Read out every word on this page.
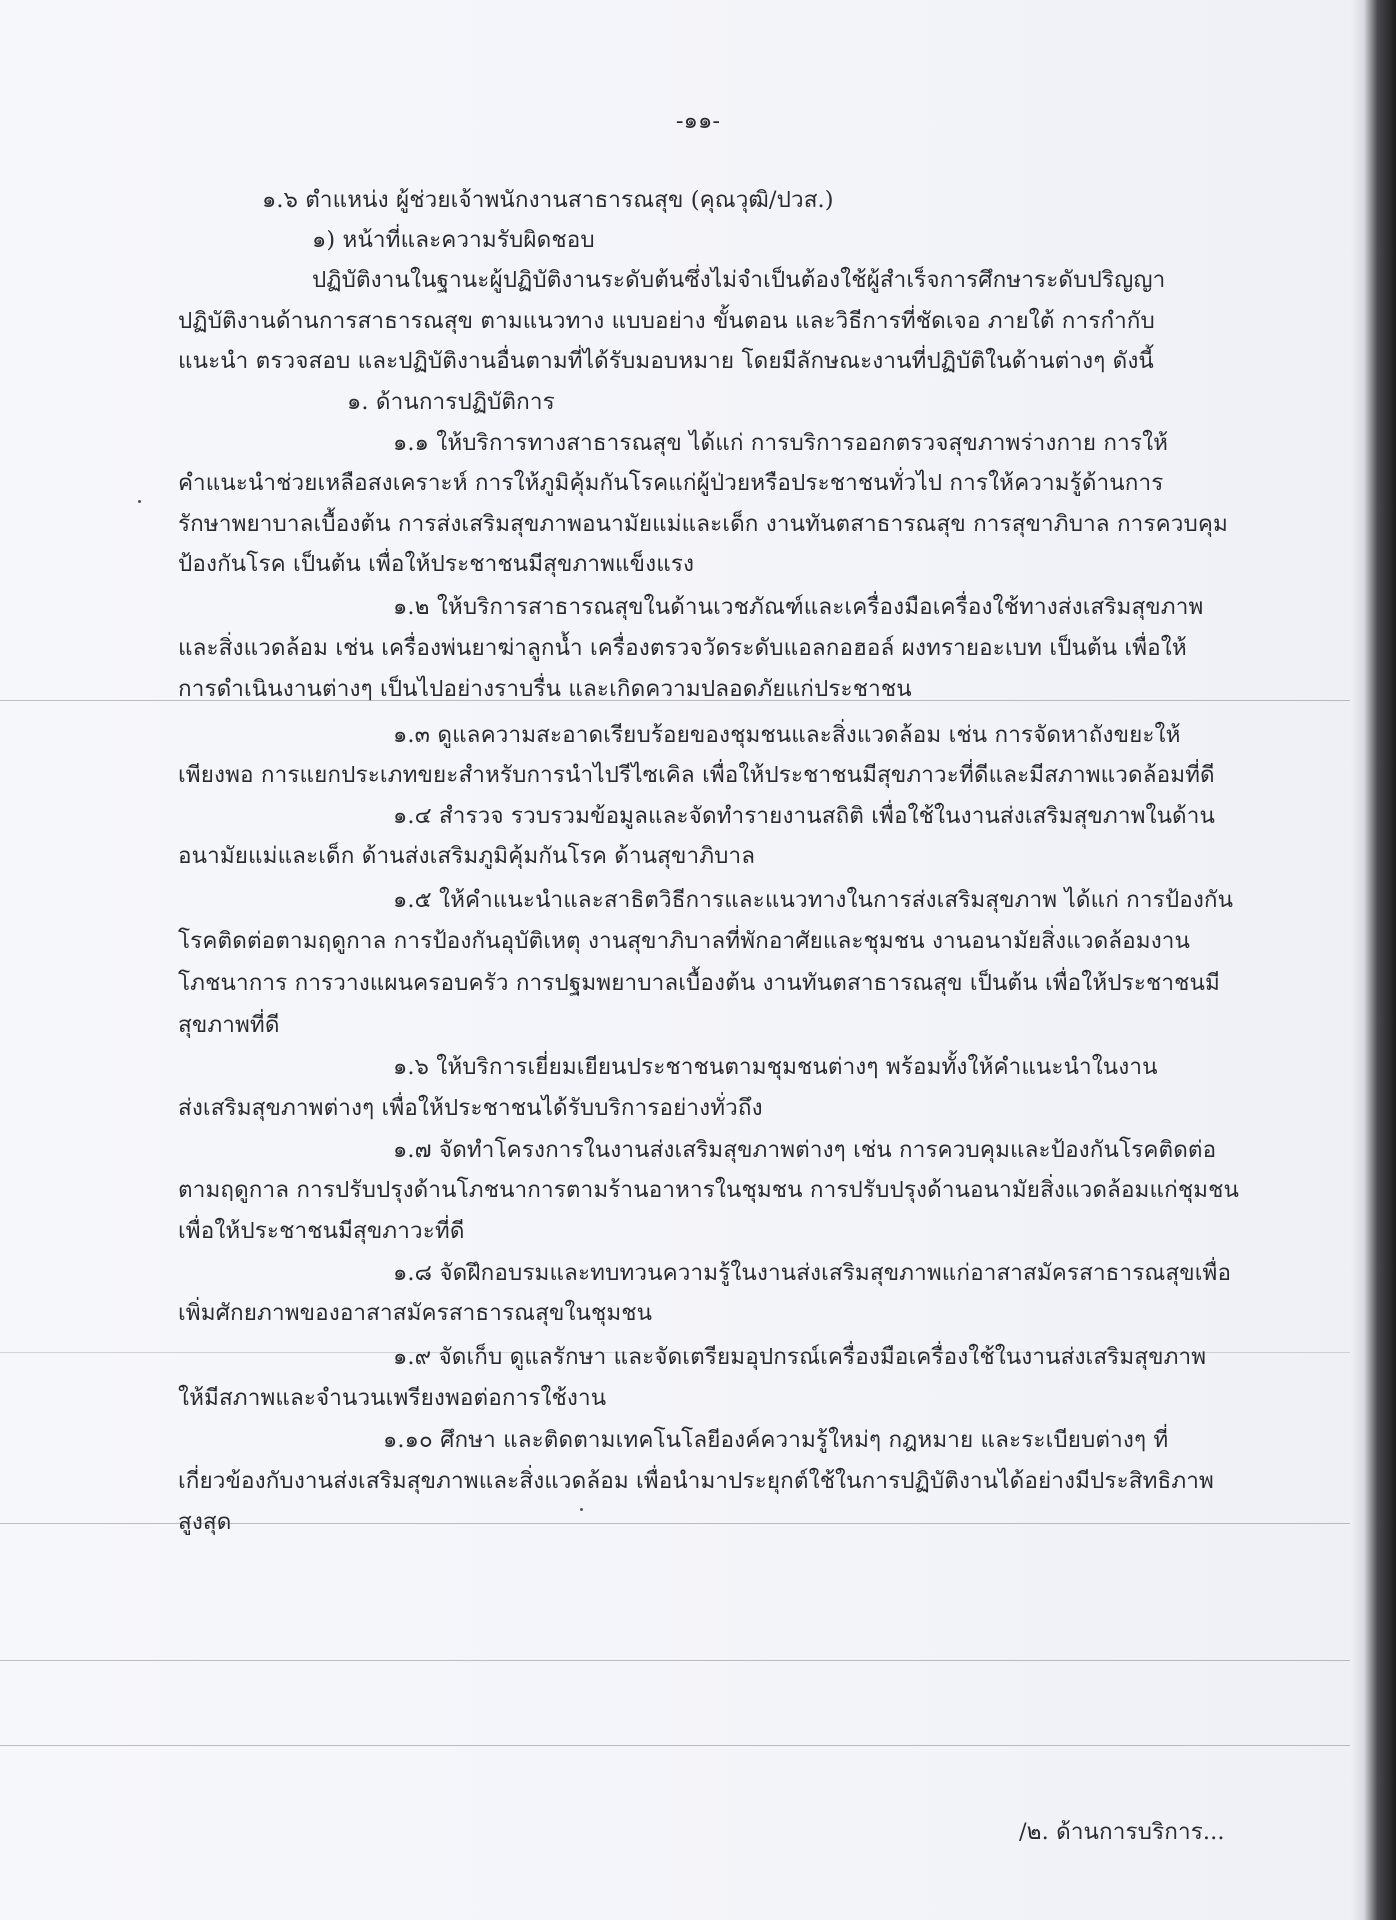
-๑๑-
๑.๖ ตำแหน่ง ผู้ช่วยเจ้าพนักงานสาธารณสุข (คุณวุฒิ/ปวส.)
๑) หน้าที่และความรับผิดชอบ
ปฏิบัติงานในฐานะผู้ปฏิบัติงานระดับต้นซึ่งไม่จำเป็นต้องใช้ผู้สำเร็จการศึกษาระดับปริญญา
ปฏิบัติงานด้านการสาธารณสุข ตามแนวทาง แบบอย่าง ขั้นตอน และวิธีการที่ชัดเจอ ภายใต้ การกำกับ
แนะนำ ตรวจสอบ และปฏิบัติงานอื่นตามที่ได้รับมอบหมาย โดยมีลักษณะงานที่ปฏิบัติในด้านต่างๆ ดังนี้
๑. ด้านการปฏิบัติการ
๑.๑ ให้บริการทางสาธารณสุข ได้แก่ การบริการออกตรวจสุขภาพร่างกาย การให้
คำแนะนำช่วยเหลือสงเคราะห์ การให้ภูมิคุ้มกันโรคแก่ผู้ป่วยหรือประชาชนทั่วไป การให้ความรู้ด้านการ
รักษาพยาบาลเบื้องต้น การส่งเสริมสุขภาพอนามัยแม่และเด็ก งานทันตสาธารณสุข การสุขาภิบาล การควบคุม
ป้องกันโรค เป็นต้น เพื่อให้ประชาชนมีสุขภาพแข็งแรง
๑.๒ ให้บริการสาธารณสุขในด้านเวชภัณฑ์และเครื่องมือเครื่องใช้ทางส่งเสริมสุขภาพ
และสิ่งแวดล้อม เช่น เครื่องพ่นยาฆ่าลูกน้ำ เครื่องตรวจวัดระดับแอลกอฮอล์ ผงทรายอะเบท เป็นต้น เพื่อให้
การดำเนินงานต่างๆ เป็นไปอย่างราบรื่น และเกิดความปลอดภัยแก่ประชาชน
๑.๓ ดูแลความสะอาดเรียบร้อยของชุมชนและสิ่งแวดล้อม เช่น การจัดหาถังขยะให้
เพียงพอ การแยกประเภทขยะสำหรับการนำไปรีไซเคิล เพื่อให้ประชาชนมีสุขภาวะที่ดีและมีสภาพแวดล้อมที่ดี
๑.๔ สำรวจ รวบรวมข้อมูลและจัดทำรายงานสถิติ เพื่อใช้ในงานส่งเสริมสุขภาพในด้าน
อนามัยแม่และเด็ก ด้านส่งเสริมภูมิคุ้มกันโรค ด้านสุขาภิบาล
๑.๕ ให้คำแนะนำและสาธิตวิธีการและแนวทางในการส่งเสริมสุขภาพ ได้แก่ การป้องกัน
โรคติดต่อตามฤดูกาล การป้องกันอุบัติเหตุ งานสุขาภิบาลที่พักอาศัยและชุมชน งานอนามัยสิ่งแวดล้อมงาน
โภชนาการ การวางแผนครอบครัว การปฐมพยาบาลเบื้องต้น งานทันตสาธารณสุข เป็นต้น เพื่อให้ประชาชนมี
สุขภาพที่ดี
๑.๖ ให้บริการเยี่ยมเยียนประชาชนตามชุมชนต่างๆ พร้อมทั้งให้คำแนะนำในงาน
ส่งเสริมสุขภาพต่างๆ เพื่อให้ประชาชนได้รับบริการอย่างทั่วถึง
๑.๗ จัดทำโครงการในงานส่งเสริมสุขภาพต่างๆ เช่น การควบคุมและป้องกันโรคติดต่อ
ตามฤดูกาล การปรับปรุงด้านโภชนาการตามร้านอาหารในชุมชน การปรับปรุงด้านอนามัยสิ่งแวดล้อมแก่ชุมชน
เพื่อให้ประชาชนมีสุขภาวะที่ดี
๑.๘ จัดฝึกอบรมและทบทวนความรู้ในงานส่งเสริมสุขภาพแก่อาสาสมัครสาธารณสุขเพื่อ
เพิ่มศักยภาพของอาสาสมัครสาธารณสุขในชุมชน
๑.๙ จัดเก็บ ดูแลรักษา และจัดเตรียมอุปกรณ์เครื่องมือเครื่องใช้ในงานส่งเสริมสุขภาพ
ให้มีสภาพและจำนวนเพรียงพอต่อการใช้งาน
๑.๑๐ ศึกษา และติดตามเทคโนโลยีองค์ความรู้ใหม่ๆ กฎหมาย และระเบียบต่างๆ ที่
เกี่ยวข้องกับงานส่งเสริมสุขภาพและสิ่งแวดล้อม เพื่อนำมาประยุกต์ใช้ในการปฏิบัติงานได้อย่างมีประสิทธิภาพ
สูงสุด
/๒. ด้านการบริการ...
